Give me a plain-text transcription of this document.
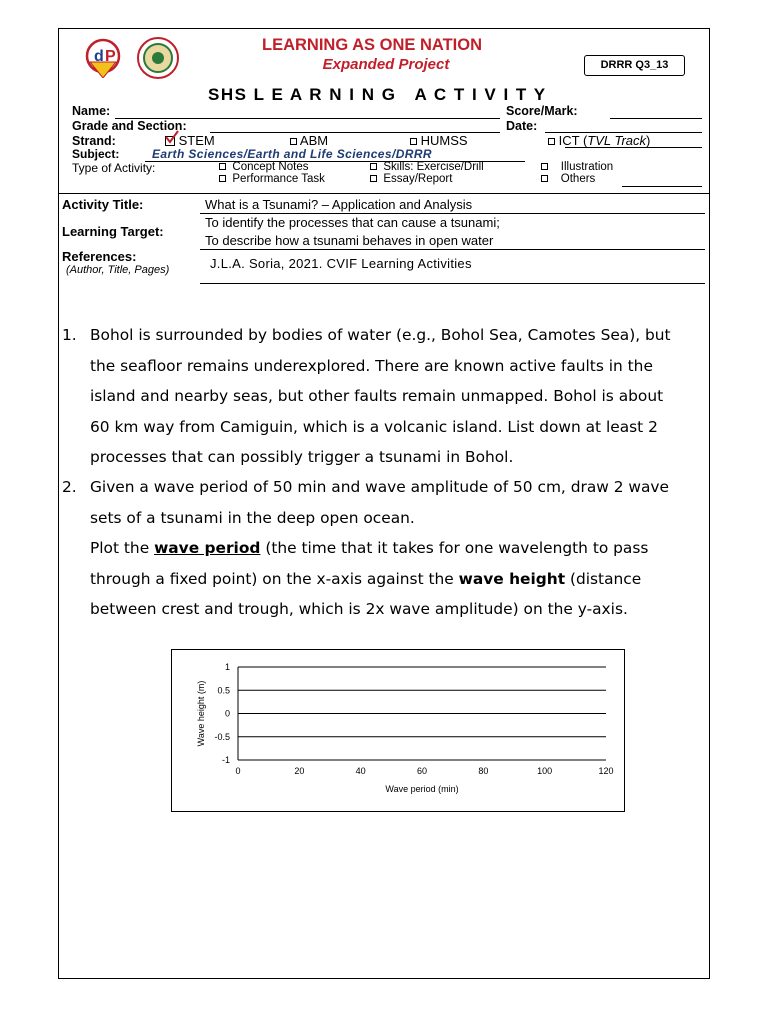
d P
LEARNING AS ONE NATION
Expanded Project	DRRR Q3_13
SHS L E A R N I N G   A C T I V I T Y
Name:	Score/Mark:
Grade and Section:	Date:
Strand:
	STEM	ABM	HUMSS	ICT (TVL Track)
Subject:	Earth Sciences/Earth and Life Sciences/DRRR
Type of Activity:	Concept Notes	Skills: Exercise/Drill	Illustration
Performance Task	Essay/Report	Others
Activity Title:	What is a Tsunami? – Application and Analysis
Learning Target:
To identify the processes that can cause a tsunami;
To describe how a tsunami behaves in open water
References:
(Author, Title, Pages)	J.L.A. Soria, 2021. CVIF Learning Activities
1. Bohol is surrounded by bodies of water (e.g., Bohol Sea, Camotes Sea), but
the seafloor remains underexplored. There are known active faults in the
island and nearby seas, but other faults remain unmapped. Bohol is about
60 km way from Camiguin, which is a volcanic island. List down at least 2
processes that can possibly trigger a tsunami in Bohol.
2. Given a wave period of 50 min and wave amplitude of 50 cm, draw 2 wave
sets of a tsunami in the deep open ocean.
Plot the wave period (the time that it takes for one wavelength to pass
through a fixed point) on the x-axis against the wave height (distance
between crest and trough, which is 2x wave amplitude) on the y-axis.
1
0.5
0
-0.5
-1
0	20	40	60	80	100	120
Wave period (min)
Wave height (m)
